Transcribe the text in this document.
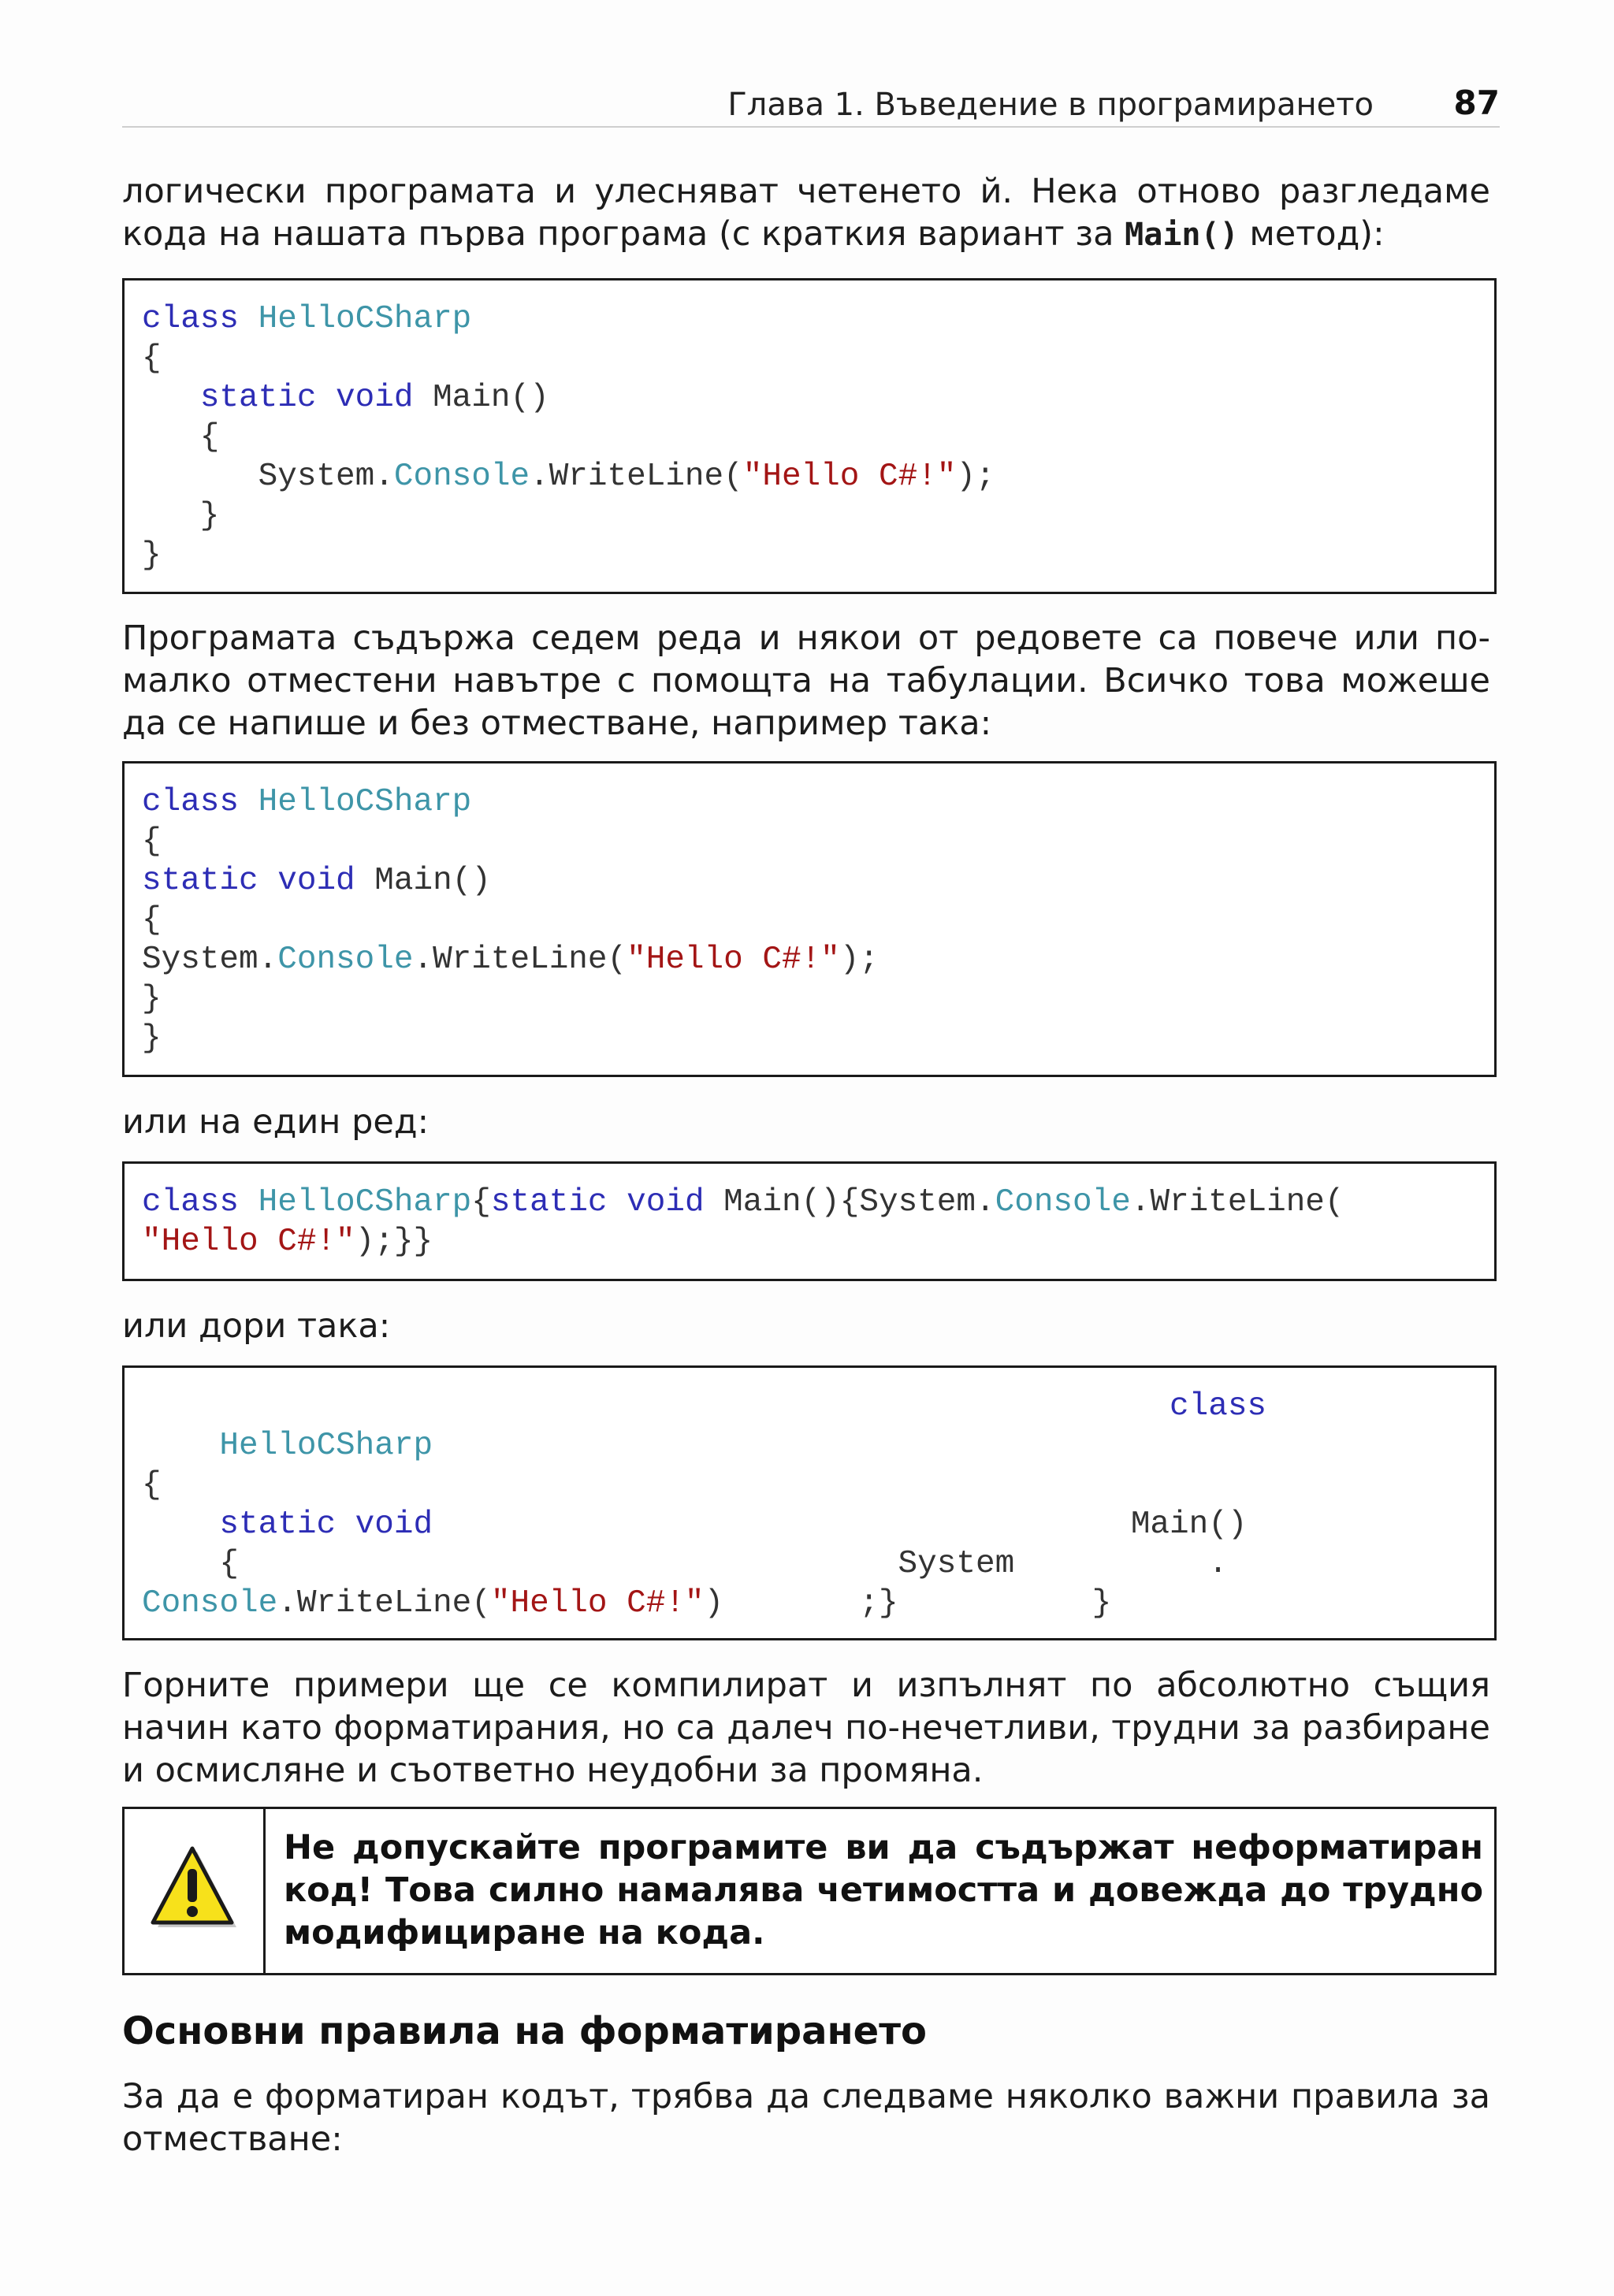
Глава 1. Въведение в програмирането 87
логически програмата и улесняват четенето й. Нека отново разгледаме кода на нашата първа програма (с краткия вариант за Main() метод):
class HelloCSharp
{
static void Main()
{
System.Console.WriteLine("Hello C#!");
}
}
Програмата съдържа седем реда и някои от редовете са повече или по-малко отместени навътре с помощта на табулации. Всичко това можеше да се напише и без отместване, например така:
class HelloCSharp
{
static void Main()
{
System.Console.WriteLine("Hello C#!");
}
}
или на един ред:
class HelloCSharp{static void Main(){System.Console.WriteLine(
"Hello C#!");}}
или дори така:
class
HelloCSharp
{
static void                                    Main()
{                                  System          .
Console.WriteLine("Hello C#!")       ;}          }
Горните примери ще се компилират и изпълнят по абсолютно същия начин като форматирания, но са далеч по-нечетливи, трудни за разбиране и осмисляне и съответно неудобни за промяна.
Не допускайте програмите ви да съдържат неформатиран код! Това силно намалява четимостта и довежда до трудно модифициране на кода.
Основни правила на форматирането
За да е форматиран кодът, трябва да следваме няколко важни правила за отместване:
